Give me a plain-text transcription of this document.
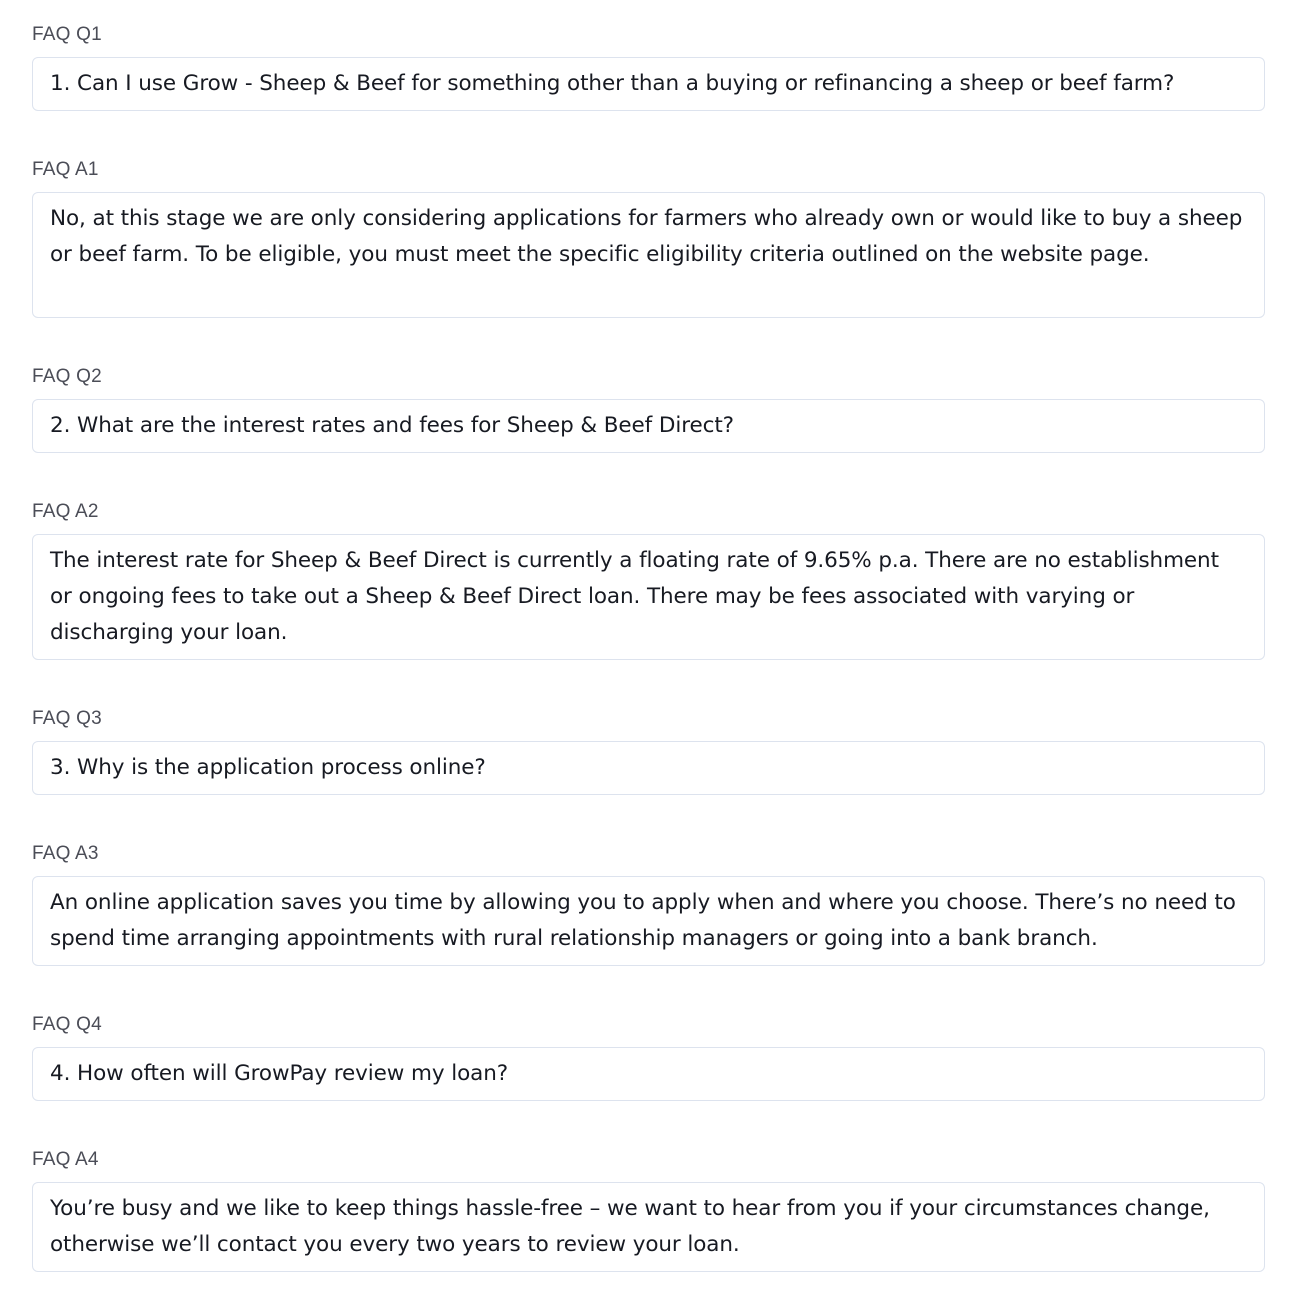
FAQ Q1
1. Can I use Grow - Sheep & Beef for something other than a buying or refinancing a sheep or beef farm?
FAQ A1
No, at this stage we are only considering applications for farmers who already own or would like to buy a sheep or beef farm. To be eligible, you must meet the specific eligibility criteria outlined on the website page.
FAQ Q2
2. What are the interest rates and fees for Sheep & Beef Direct?
FAQ A2
The interest rate for Sheep & Beef Direct is currently a floating rate of 9.65% p.a. There are no establishment or ongoing fees to take out a Sheep & Beef Direct loan. There may be fees associated with varying or discharging your loan.
FAQ Q3
3. Why is the application process online?
FAQ A3
An online application saves you time by allowing you to apply when and where you choose. There’s no need to spend time arranging appointments with rural relationship managers or going into a bank branch.
FAQ Q4
4. How often will GrowPay review my loan?
FAQ A4
You’re busy and we like to keep things hassle-free – we want to hear from you if your circumstances change, otherwise we’ll contact you every two years to review your loan.
